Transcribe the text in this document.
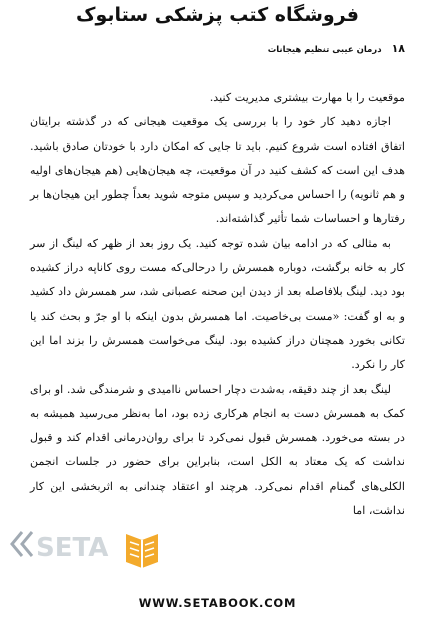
فروشگاه کتب پزشکی ستابوک
۱۸
درمان عیبی تنظیم هیجانات

موقعیت را با مهارت بیشتری مدیریت کنید.

اجازه دهید کار خود را با بررسی یک موقعیت هیجانی که در گذشته برایتان اتفاق افتاده است شروع کنیم. باید تا جایی که امکان دارد با خودتان صادق باشید. هدف این است که کشف کنید در آن موقعیت، چه هیجان‌هایی (هم هیجان‌های اولیه و هم ثانویه) را احساس می‌کردید و سپس متوجه شوید بعداً چطور این هیجان‌ها بر رفتارها و احساسات شما تأثیر گذاشته‌اند.

به مثالی که در ادامه بیان شده توجه کنید. یک روز بعد از ظهر که لینگ از سر کار به خانه برگشت، دوباره همسرش را درحالی‌که مست روی کاناپه دراز کشیده بود دید. لینگ بلافاصله بعد از دیدن این صحنه عصبانی شد، سر همسرش داد کشید و به او گفت: «مست بی‌خاصیت. اما همسرش بدون اینکه با او جرّ و بحث کند یا تکانی بخورد همچنان دراز کشیده بود. لینگ می‌خواست همسرش را بزند اما این کار را نکرد.

لینگ بعد از چند دقیقه، به‌شدت دچار احساس ناامیدی و شرمندگی شد. او برای کمک به همسرش دست به انجام هرکاری زده بود، اما به‌نظر می‌رسید همیشه به در بسته می‌خورد. همسرش قبول نمی‌کرد تا برای روان‌درمانی اقدام کند و قبول نداشت که یک معتاد به الکل است، بنابراین برای حضور در جلسات انجمن الکلی‌های گمنام اقدام نمی‌کرد. هرچند او اعتقاد چندانی به اثربخشی این کار نداشت، اما

SETA
WWW.SETABOOK.COM
